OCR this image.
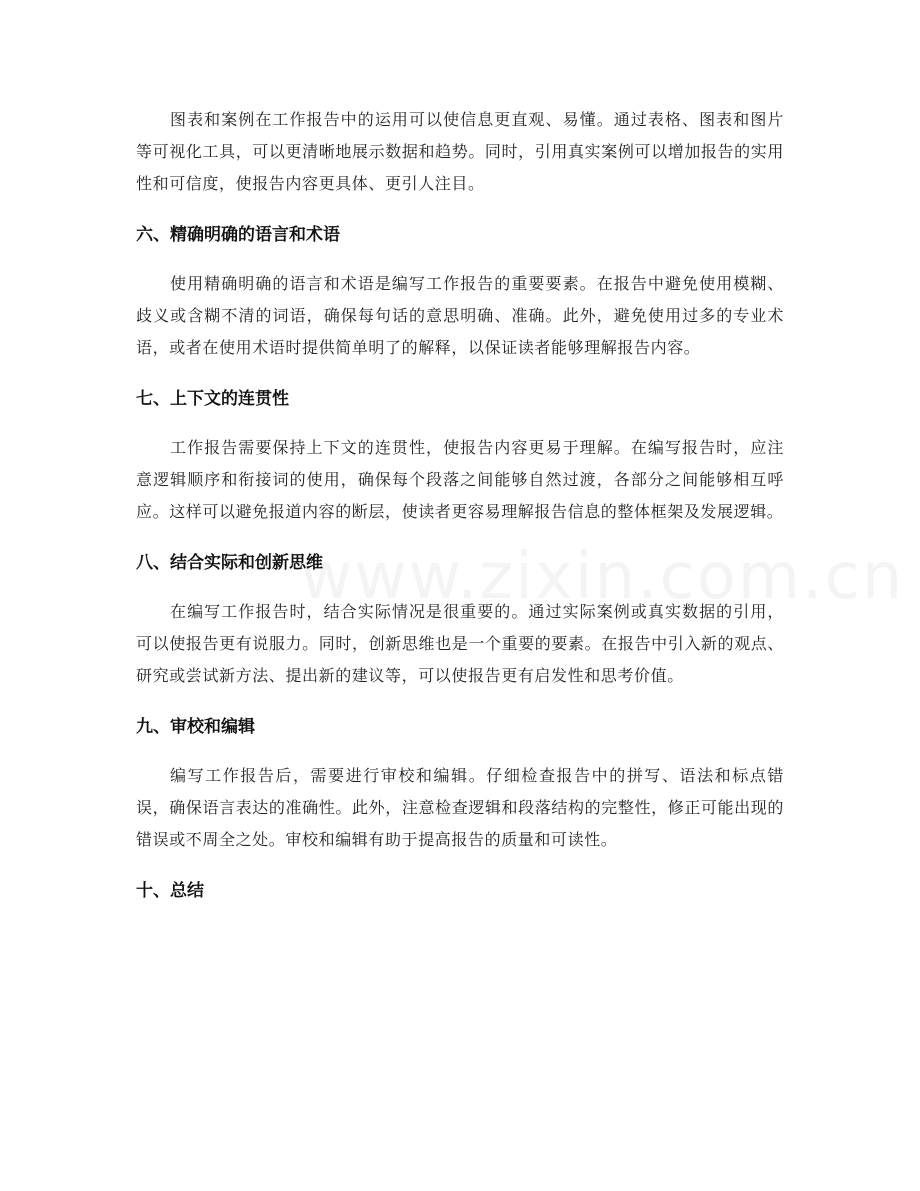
图表和案例在工作报告中的运用可以使信息更直观、易懂。通过表格、图表和图片等可视化工具，可以更清晰地展示数据和趋势。同时，引用真实案例可以增加报告的实用性和可信度，使报告内容更具体、更引人注目。

六、精确明确的语言和术语

使用精确明确的语言和术语是编写工作报告的重要要素。在报告中避免使用模糊、歧义或含糊不清的词语，确保每句话的意思明确、准确。此外，避免使用过多的专业术语，或者在使用术语时提供简单明了的解释，以保证读者能够理解报告内容。

七、上下文的连贯性

工作报告需要保持上下文的连贯性，使报告内容更易于理解。在编写报告时，应注意逻辑顺序和衔接词的使用，确保每个段落之间能够自然过渡，各部分之间能够相互呼应。这样可以避免报道内容的断层，使读者更容易理解报告信息的整体框架及发展逻辑。

八、结合实际和创新思维

在编写工作报告时，结合实际情况是很重要的。通过实际案例或真实数据的引用，可以使报告更有说服力。同时，创新思维也是一个重要的要素。在报告中引入新的观点、研究或尝试新方法、提出新的建议等，可以使报告更有启发性和思考价值。

九、审校和编辑

编写工作报告后，需要进行审校和编辑。仔细检查报告中的拼写、语法和标点错误，确保语言表达的准确性。此外，注意检查逻辑和段落结构的完整性，修正可能出现的错误或不周全之处。审校和编辑有助于提高报告的质量和可读性。

十、总结
